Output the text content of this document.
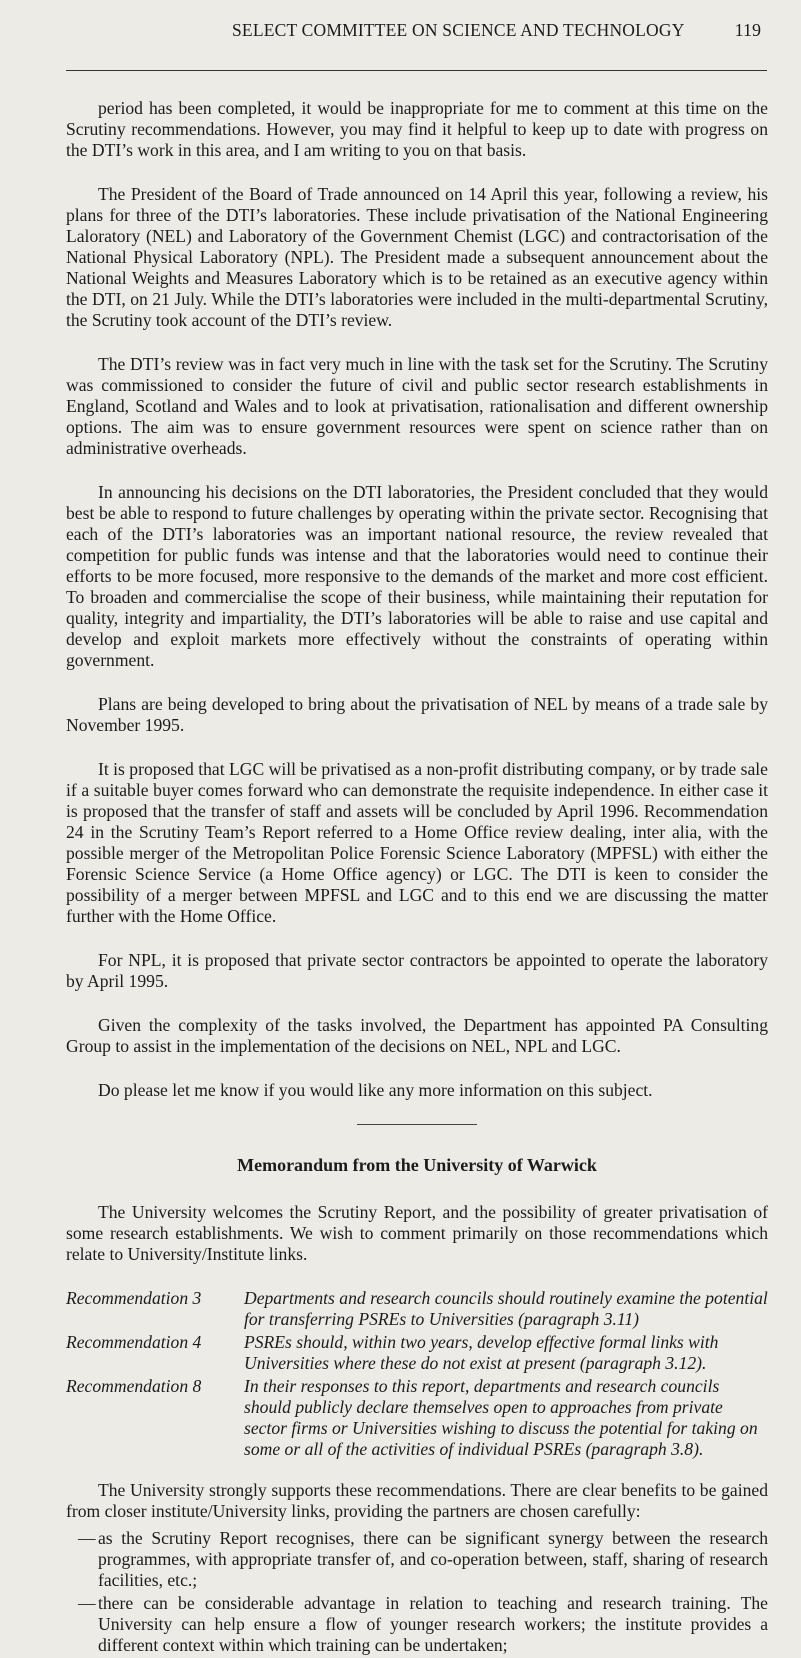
SELECT COMMITTEE ON SCIENCE AND TECHNOLOGY	119

period has been completed, it would be inappropriate for me to comment at this time on the Scrutiny recommendations. However, you may find it helpful to keep up to date with progress on the DTI’s work in this area, and I am writing to you on that basis.

The President of the Board of Trade announced on 14 April this year, following a review, his plans for three of the DTI’s laboratories. These include privatisation of the National Engineering Laloratory (NEL) and Laboratory of the Government Chemist (LGC) and contractorisation of the National Physical Laboratory (NPL). The President made a subsequent announcement about the National Weights and Measures Laboratory which is to be retained as an executive agency within the DTI, on 21 July. While the DTI’s laboratories were included in the multi-departmental Scrutiny, the Scrutiny took account of the DTI’s review.

The DTI’s review was in fact very much in line with the task set for the Scrutiny. The Scrutiny was commissioned to consider the future of civil and public sector research establishments in England, Scotland and Wales and to look at privatisation, rationalisation and different ownership options. The aim was to ensure government resources were spent on science rather than on administrative overheads.

In announcing his decisions on the DTI laboratories, the President concluded that they would best be able to respond to future challenges by operating within the private sector. Recognising that each of the DTI’s laboratories was an important national resource, the review revealed that competition for public funds was intense and that the laboratories would need to continue their efforts to be more focused, more responsive to the demands of the market and more cost efficient. To broaden and commercialise the scope of their business, while maintaining their reputation for quality, integrity and impartiality, the DTI’s laboratories will be able to raise and use capital and develop and exploit markets more effectively without the constraints of operating within government.

Plans are being developed to bring about the privatisation of NEL by means of a trade sale by November 1995.

It is proposed that LGC will be privatised as a non-profit distributing company, or by trade sale if a suitable buyer comes forward who can demonstrate the requisite independence. In either case it is proposed that the transfer of staff and assets will be concluded by April 1996. Recommendation 24 in the Scrutiny Team’s Report referred to a Home Office review dealing, inter alia, with the possible merger of the Metropolitan Police Forensic Science Laboratory (MPFSL) with either the Forensic Science Service (a Home Office agency) or LGC. The DTI is keen to consider the possibility of a merger between MPFSL and LGC and to this end we are discussing the matter further with the Home Office.

For NPL, it is proposed that private sector contractors be appointed to operate the laboratory by April 1995.

Given the complexity of the tasks involved, the Department has appointed PA Consulting Group to assist in the implementation of the decisions on NEL, NPL and LGC.

Do please let me know if you would like any more information on this subject.

Memorandum from the University of Warwick

The University welcomes the Scrutiny Report, and the possibility of greater privatisation of some research establishments. We wish to comment primarily on those recommendations which relate to University/Institute links.

Recommendation 3	Departments and research councils should routinely examine the potential for transferring PSREs to Universities (paragraph 3.11)
Recommendation 4	PSREs should, within two years, develop effective formal links with Universities where these do not exist at present (paragraph 3.12).
Recommendation 8	In their responses to this report, departments and research councils should publicly declare themselves open to approaches from private sector firms or Universities wishing to discuss the potential for taking on some or all of the activities of individual PSREs (paragraph 3.8).

The University strongly supports these recommendations. There are clear benefits to be gained from closer institute/University links, providing the partners are chosen carefully:

— as the Scrutiny Report recognises, there can be significant synergy between the research programmes, with appropriate transfer of, and co-operation between, staff, sharing of research facilities, etc.;
— there can be considerable advantage in relation to teaching and research training. The University can help ensure a flow of younger research workers; the institute provides a different context within which training can be undertaken;
